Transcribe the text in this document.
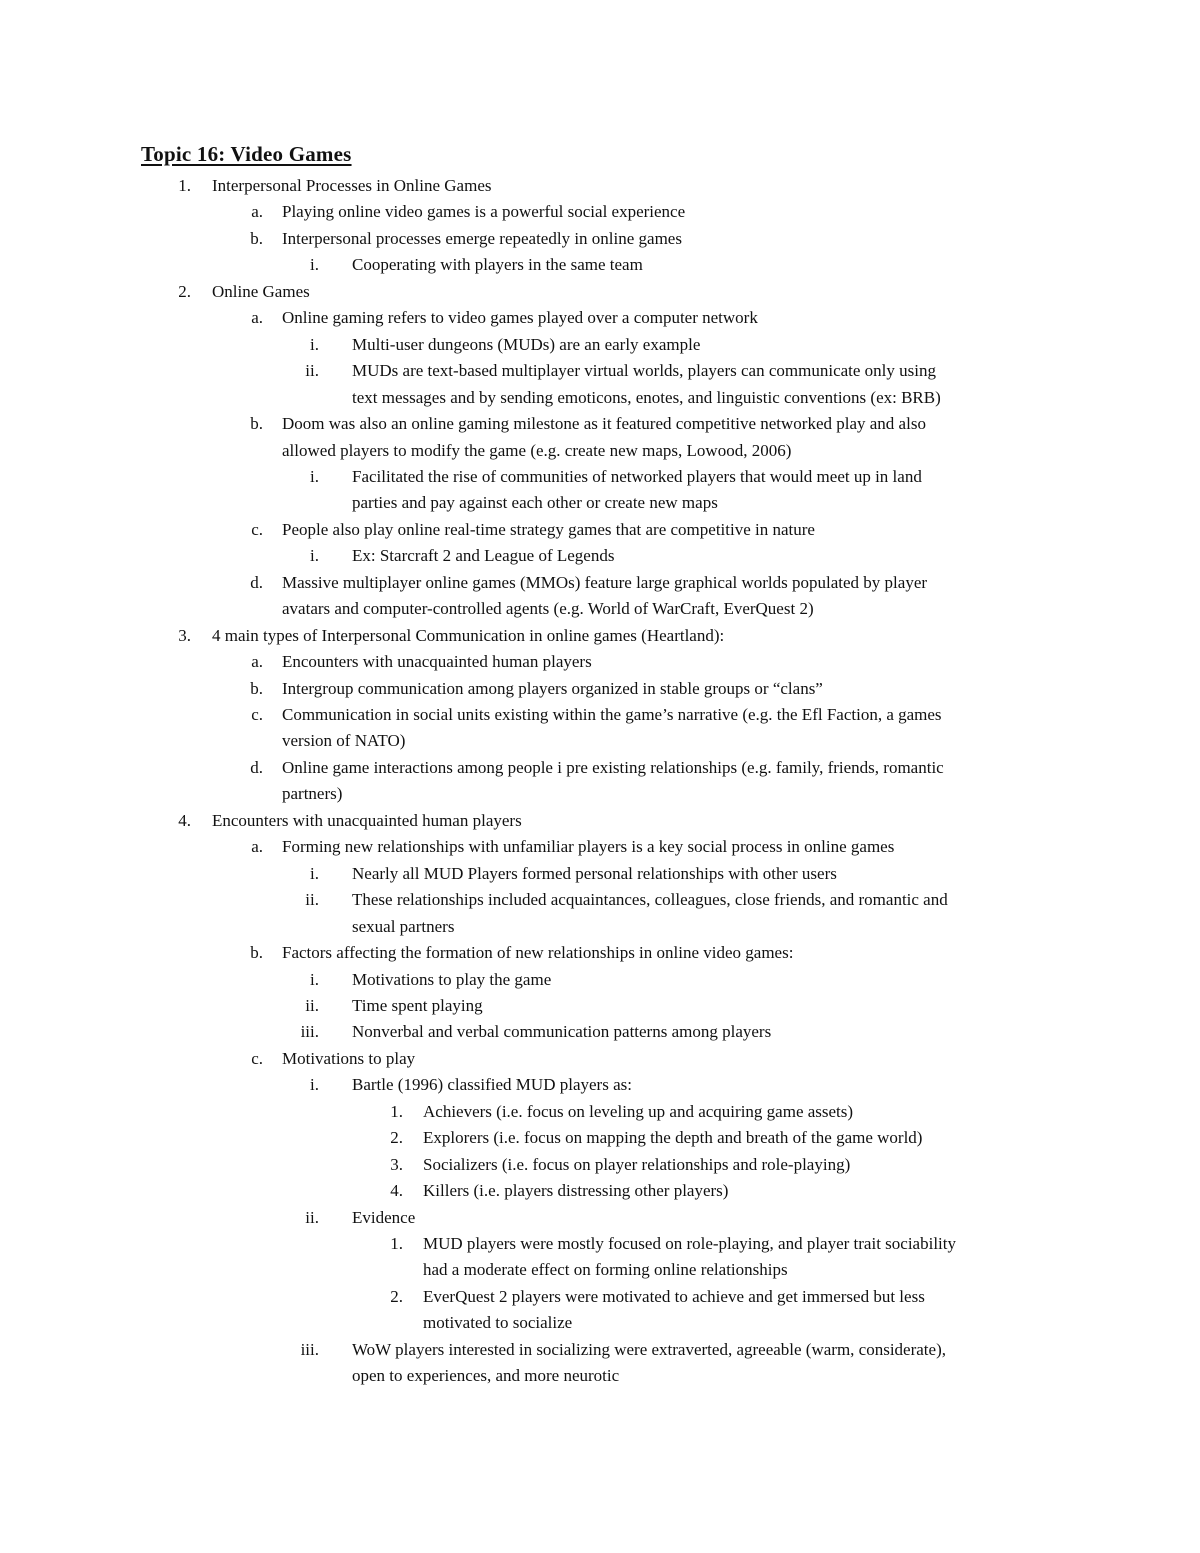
Topic 16: Video Games
1. Interpersonal Processes in Online Games
a. Playing online video games is a powerful social experience
b. Interpersonal processes emerge repeatedly in online games
i. Cooperating with players in the same team
2. Online Games
a. Online gaming refers to video games played over a computer network
i. Multi-user dungeons (MUDs) are an early example
ii. MUDs are text-based multiplayer virtual worlds, players can communicate only using
text messages and by sending emoticons, enotes, and linguistic conventions (ex: BRB)
b. Doom was also an online gaming milestone as it featured competitive networked play and also
allowed players to modify the game (e.g. create new maps, Lowood, 2006)
i. Facilitated the rise of communities of networked players that would meet up in land
parties and pay against each other or create new maps
c. People also play online real-time strategy games that are competitive in nature
i. Ex: Starcraft 2 and League of Legends
d. Massive multiplayer online games (MMOs) feature large graphical worlds populated by player
avatars and computer-controlled agents (e.g. World of WarCraft, EverQuest 2)
3. 4 main types of Interpersonal Communication in online games (Heartland):
a. Encounters with unacquainted human players
b. Intergroup communication among players organized in stable groups or “clans”
c. Communication in social units existing within the game’s narrative (e.g. the Efl Faction, a games
version of NATO)
d. Online game interactions among people i pre existing relationships (e.g. family, friends, romantic
partners)
4. Encounters with unacquainted human players
a. Forming new relationships with unfamiliar players is a key social process in online games
i. Nearly all MUD Players formed personal relationships with other users
ii. These relationships included acquaintances, colleagues, close friends, and romantic and
sexual partners
b. Factors affecting the formation of new relationships in online video games:
i. Motivations to play the game
ii. Time spent playing
iii. Nonverbal and verbal communication patterns among players
c. Motivations to play
i. Bartle (1996) classified MUD players as:
1. Achievers (i.e. focus on leveling up and acquiring game assets)
2. Explorers (i.e. focus on mapping the depth and breath of the game world)
3. Socializers (i.e. focus on player relationships and role-playing)
4. Killers (i.e. players distressing other players)
ii. Evidence
1. MUD players were mostly focused on role-playing, and player trait sociability
had a moderate effect on forming online relationships
2. EverQuest 2 players were motivated to achieve and get immersed but less
motivated to socialize
iii. WoW players interested in socializing were extraverted, agreeable (warm, considerate),
open to experiences, and more neurotic
